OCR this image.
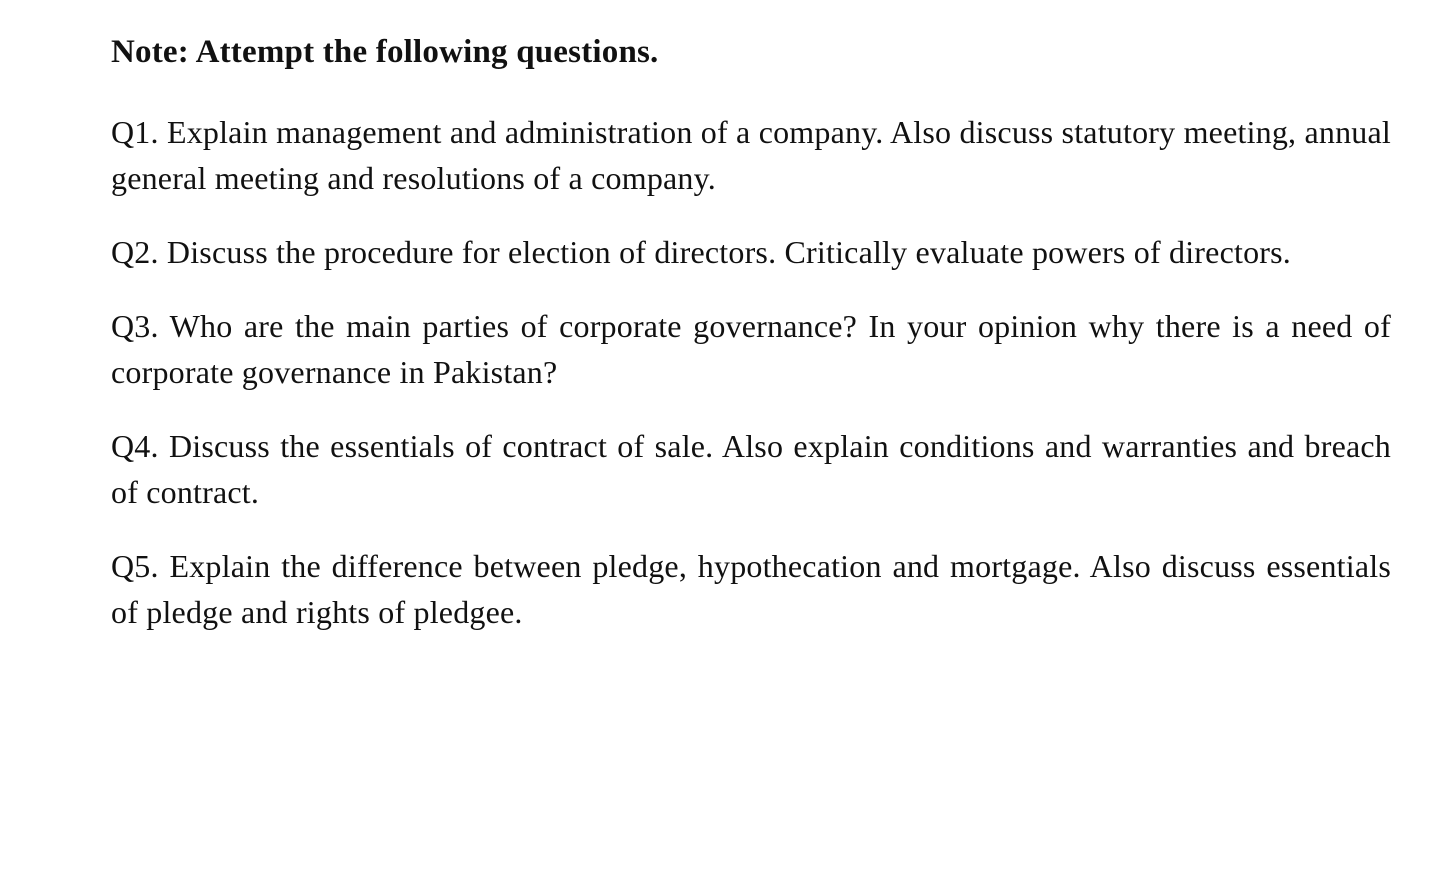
Note: Attempt the following questions.

Q1. Explain management and administration of a company. Also discuss statutory meeting, annual general meeting and resolutions of a company.

Q2. Discuss the procedure for election of directors. Critically evaluate powers of directors.

Q3. Who are the main parties of corporate governance? In your opinion why there is a need of corporate governance in Pakistan?

Q4. Discuss the essentials of contract of sale. Also explain conditions and warranties and breach of contract.

Q5. Explain the difference between pledge, hypothecation and mortgage. Also discuss essentials of pledge and rights of pledgee.
